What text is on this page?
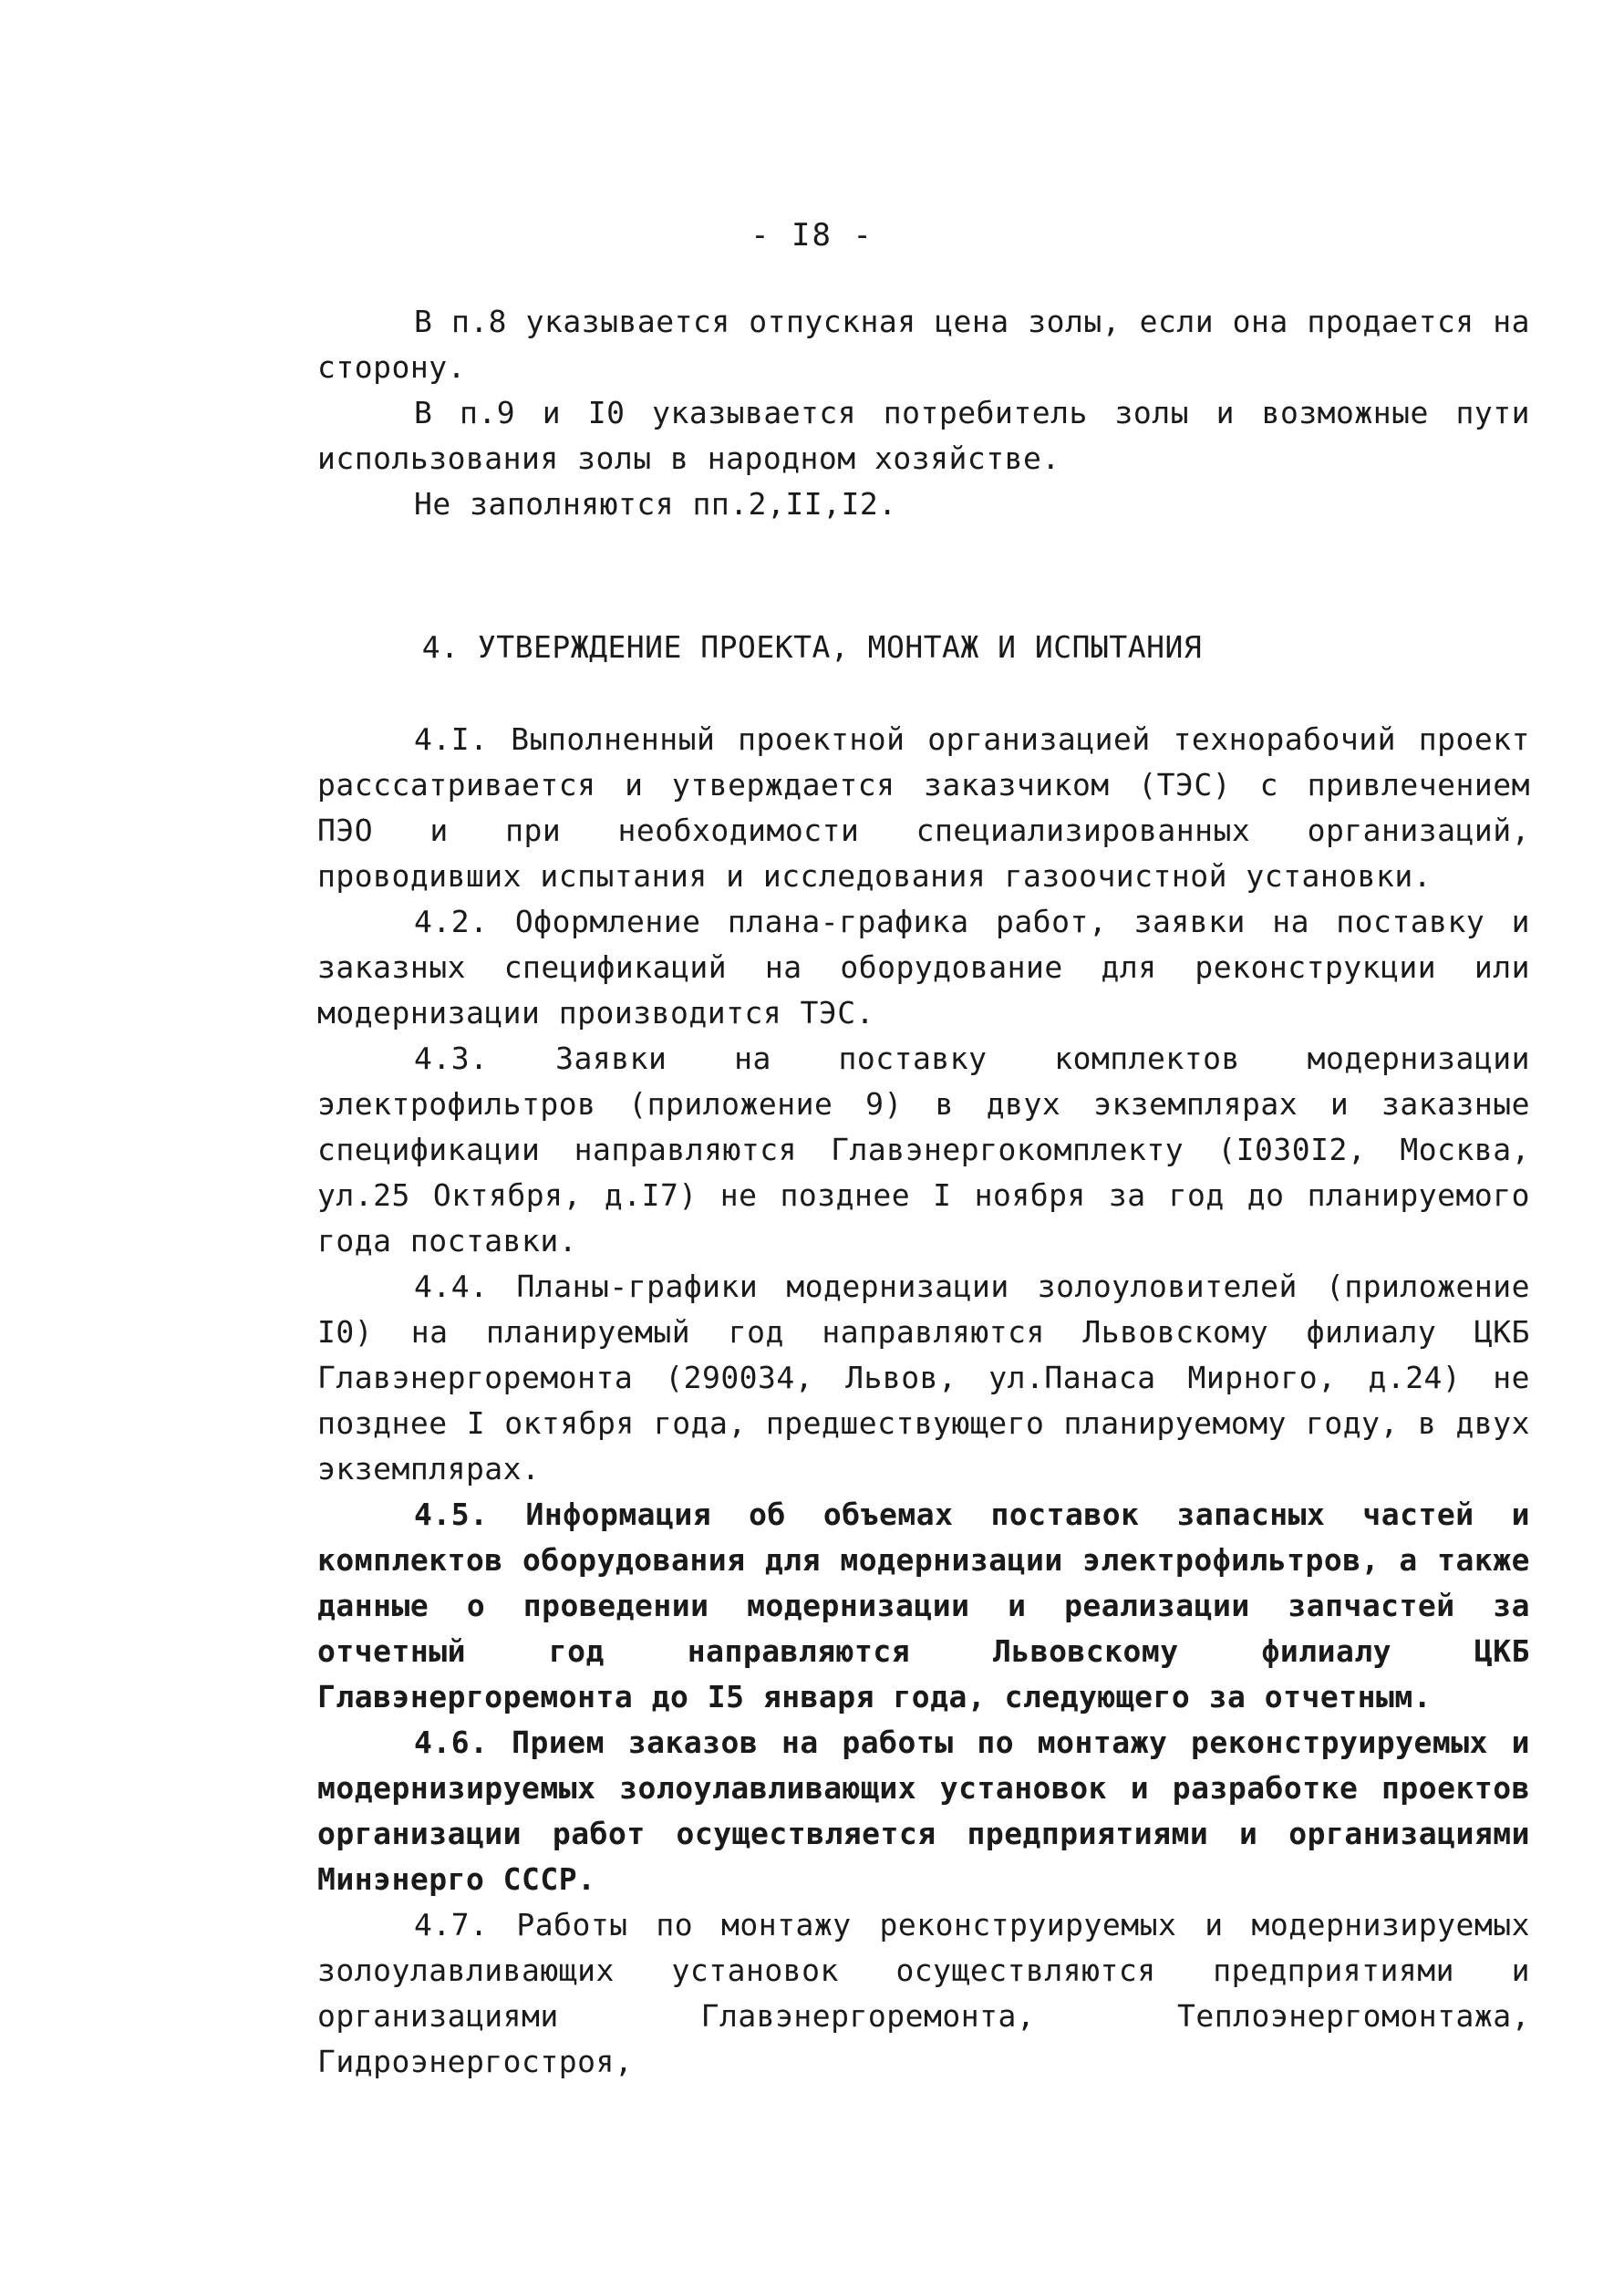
- I8 -

В п.8 указывается отпускная цена золы, если она продается на сторону.

В п.9 и I0 указывается потребитель золы и возможные пути использования золы в народном хозяйстве.

Не заполняются пп.2,II,I2.

4. УТВЕРЖДЕНИЕ ПРОЕКТА, МОНТАЖ И ИСПЫТАНИЯ

4.I. Выполненный проектной организацией технорабочий проект рассcатривается и утверждается заказчиком (ТЭС) с привлечением ПЭО и при необходимости специализированных организаций, проводивших испытания и исследования газоочистной установки.

4.2. Оформление плана-графика работ, заявки на поставку и заказных спецификаций на оборудование для реконструкции или модернизации производится ТЭС.

4.3. Заявки на поставку комплектов модернизации электрофильтров (приложение 9) в двух экземплярах и заказные спецификации направляются Главэнергокомплекту (I030I2, Москва, ул.25 Октября, д.I7) не позднее I ноября за год до планируемого года поставки.

4.4. Планы-графики модернизации золоуловителей (приложение I0) на планируемый год направляются Львовскому филиалу ЦКБ Главэнергоремонта (290034, Львов, ул.Панаса Мирного, д.24) не позднее I октября года, предшествующего планируемому году, в двух экземплярах.

4.5. Информация об объемах поставок запасных частей и комплектов оборудования для модернизации электрофильтров, а также данные о проведении модернизации и реализации запчастей за отчетный год направляются Львовскому филиалу ЦКБ Главэнергоремонта до I5 января года, следующего за отчетным.

4.6. Прием заказов на работы по монтажу реконструируемых и модернизируемых золоулавливающих установок и разработке проектов организации работ осуществляется предприятиями и организациями Минэнерго СССР.

4.7. Работы по монтажу реконструируемых и модернизируемых золоулавливающих установок осуществляются предприятиями и организациями Главэнергоремонта, Теплоэнергомонтажа, Гидроэнергостроя,
